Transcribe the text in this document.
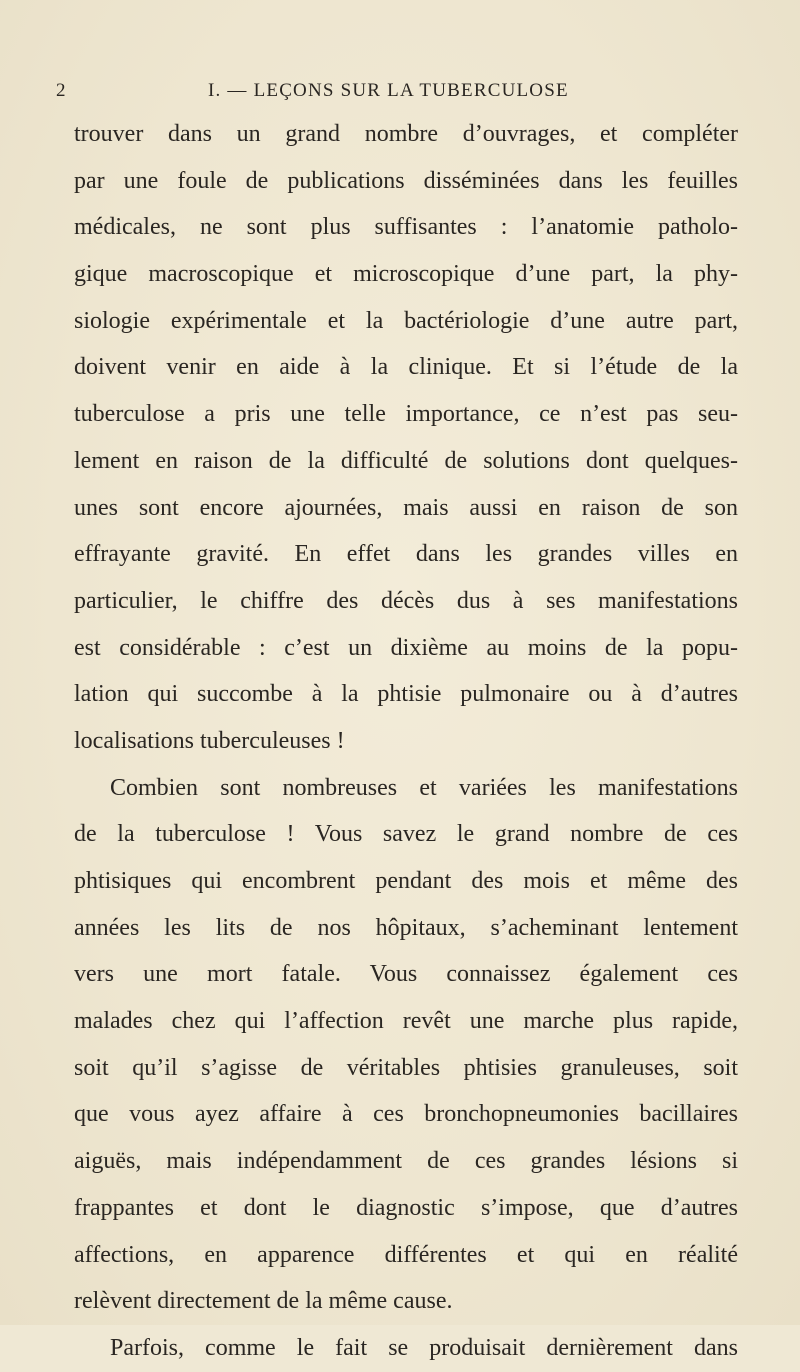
2	I. — LEÇONS SUR LA TUBERCULOSE
trouver dans un grand nombre d’ouvrages, et compléter
par une foule de publications disséminées dans les feuilles
médicales, ne sont plus suffisantes : l’anatomie patholo-
gique macroscopique et microscopique d’une part, la phy-
siologie expérimentale et la bactériologie d’une autre part,
doivent venir en aide à la clinique. Et si l’étude de la
tuberculose a pris une telle importance, ce n’est pas seu-
lement en raison de la difficulté de solutions dont quelques-
unes sont encore ajournées, mais aussi en raison de son
effrayante gravité. En effet dans les grandes villes en
particulier, le chiffre des décès dus à ses manifestations
est considérable : c’est un dixième au moins de la popu-
lation qui succombe à la phtisie pulmonaire ou à d’autres
localisations tuberculeuses !
Combien sont nombreuses et variées les manifestations
de la tuberculose ! Vous savez le grand nombre de ces
phtisiques qui encombrent pendant des mois et même des
années les lits de nos hôpitaux, s’acheminant lentement
vers une mort fatale. Vous connaissez également ces
malades chez qui l’affection revêt une marche plus rapide,
soit qu’il s’agisse de véritables phtisies granuleuses, soit
que vous ayez affaire à ces bronchopneumonies bacillaires
aiguës, mais indépendamment de ces grandes lésions si
frappantes et dont le diagnostic s’impose, que d’autres
affections, en apparence différentes et qui en réalité
relèvent directement de la même cause.
Parfois, comme le fait se produisait dernièrement dans
